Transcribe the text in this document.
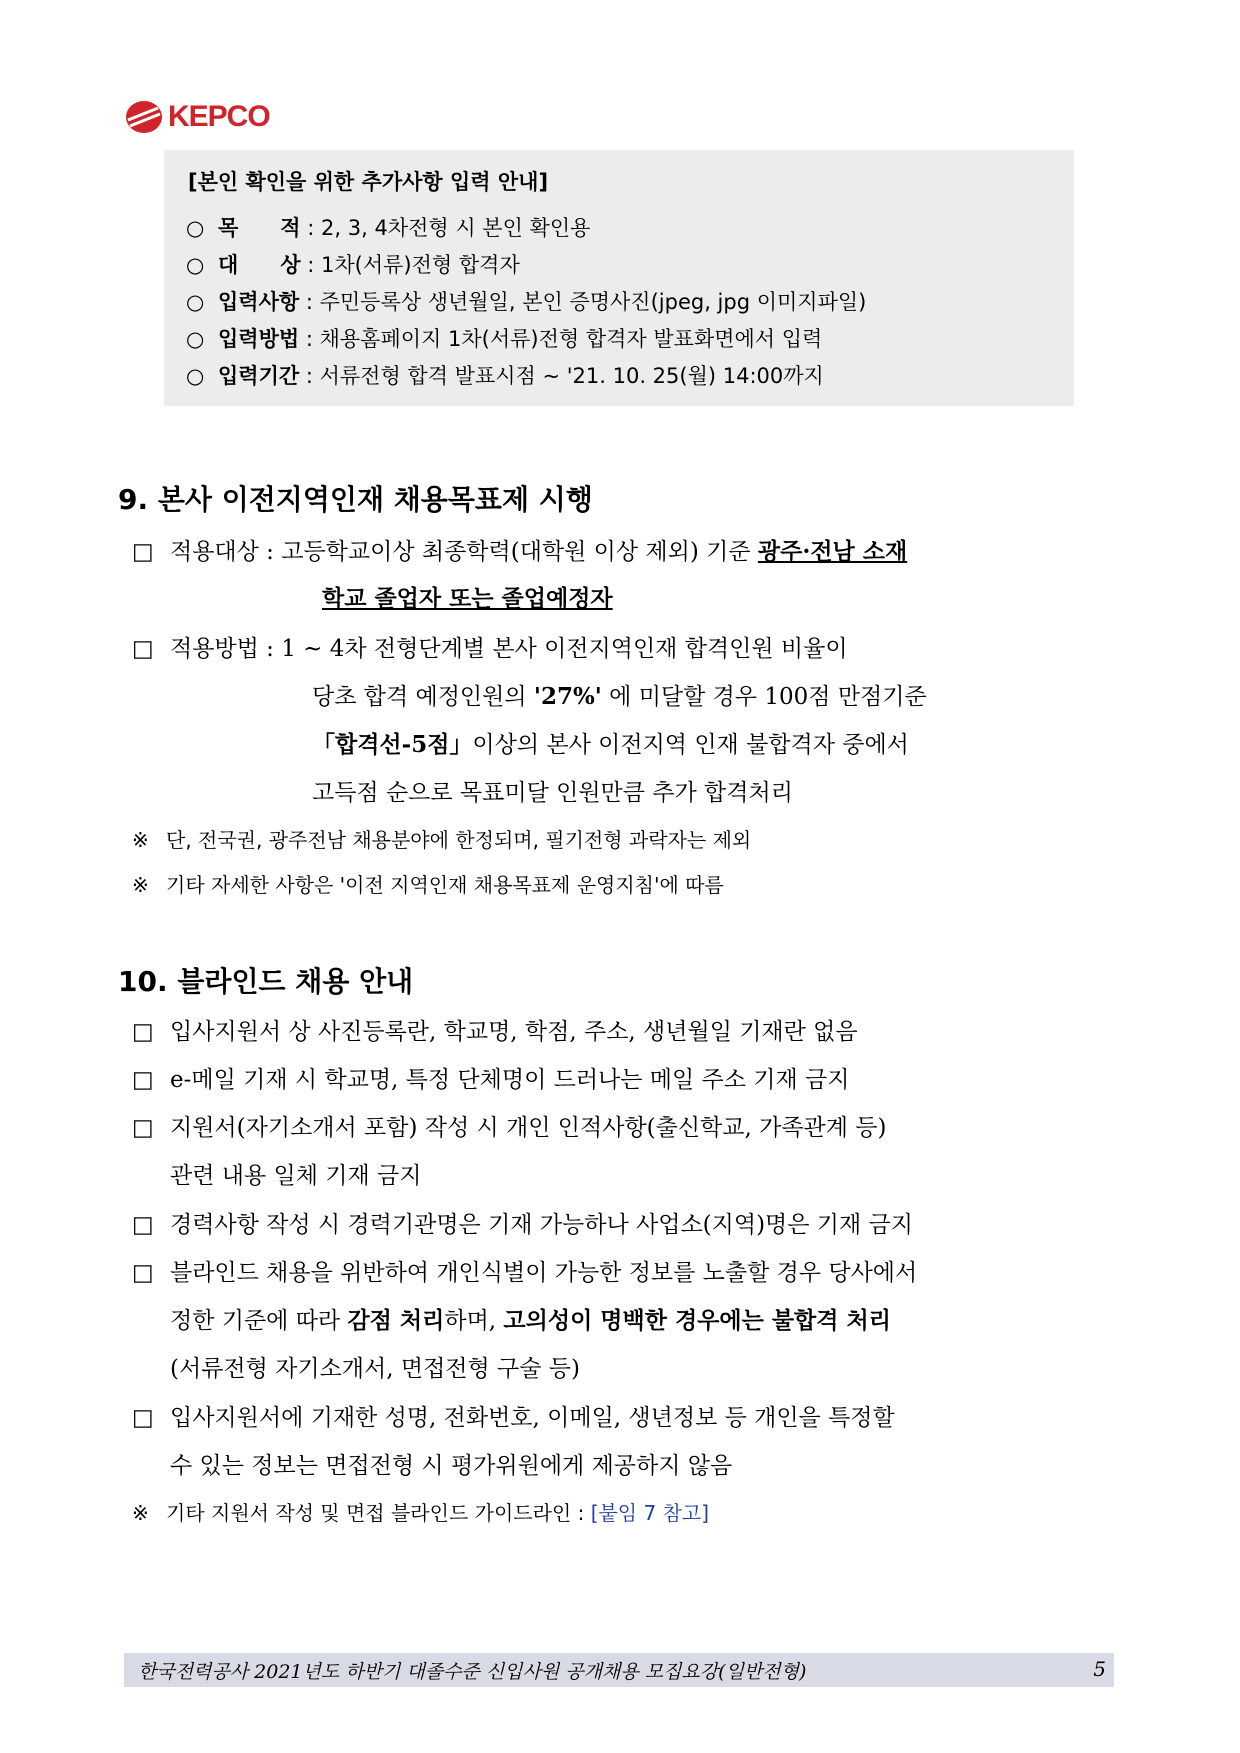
KEPCO
[본인 확인을 위한 추가사항 입력 안내]
○ 목　　적 : 2, 3, 4차전형 시 본인 확인용
○ 대　　상 : 1차(서류)전형 합격자
○ 입력사항 : 주민등록상 생년월일, 본인 증명사진(jpeg, jpg 이미지파일)
○ 입력방법 : 채용홈페이지 1차(서류)전형 합격자 발표화면에서 입력
○ 입력기간 : 서류전형 합격 발표시점 ~ '21. 10. 25(월) 14:00까지
9. 본사 이전지역인재 채용목표제 시행
□ 적용대상 : 고등학교이상 최종학력(대학원 이상 제외) 기준 광주·전남 소재
학교 졸업자 또는 졸업예정자
□ 적용방법 : 1 ~ 4차 전형단계별 본사 이전지역인재 합격인원 비율이
당초 합격 예정인원의 '27%' 에 미달할 경우 100점 만점기준
「합격선-5점」이상의 본사 이전지역 인재 불합격자 중에서
고득점 순으로 목표미달 인원만큼 추가 합격처리
※ 단, 전국권, 광주전남 채용분야에 한정되며, 필기전형 과락자는 제외
※ 기타 자세한 사항은 '이전 지역인재 채용목표제 운영지침'에 따름
10. 블라인드 채용 안내
□ 입사지원서 상 사진등록란, 학교명, 학점, 주소, 생년월일 기재란 없음
□ e-메일 기재 시 학교명, 특정 단체명이 드러나는 메일 주소 기재 금지
□ 지원서(자기소개서 포함) 작성 시 개인 인적사항(출신학교, 가족관계 등)
관련 내용 일체 기재 금지
□ 경력사항 작성 시 경력기관명은 기재 가능하나 사업소(지역)명은 기재 금지
□ 블라인드 채용을 위반하여 개인식별이 가능한 정보를 노출할 경우 당사에서
정한 기준에 따라 감점 처리하며, 고의성이 명백한 경우에는 불합격 처리
(서류전형 자기소개서, 면접전형 구술 등)
□ 입사지원서에 기재한 성명, 전화번호, 이메일, 생년정보 등 개인을 특정할
수 있는 정보는 면접전형 시 평가위원에게 제공하지 않음
※ 기타 지원서 작성 및 면접 블라인드 가이드라인 : [붙임 7 참고]
한국전력공사 2021년도 하반기 대졸수준 신입사원 공개채용 모집요강(일반전형)	5
